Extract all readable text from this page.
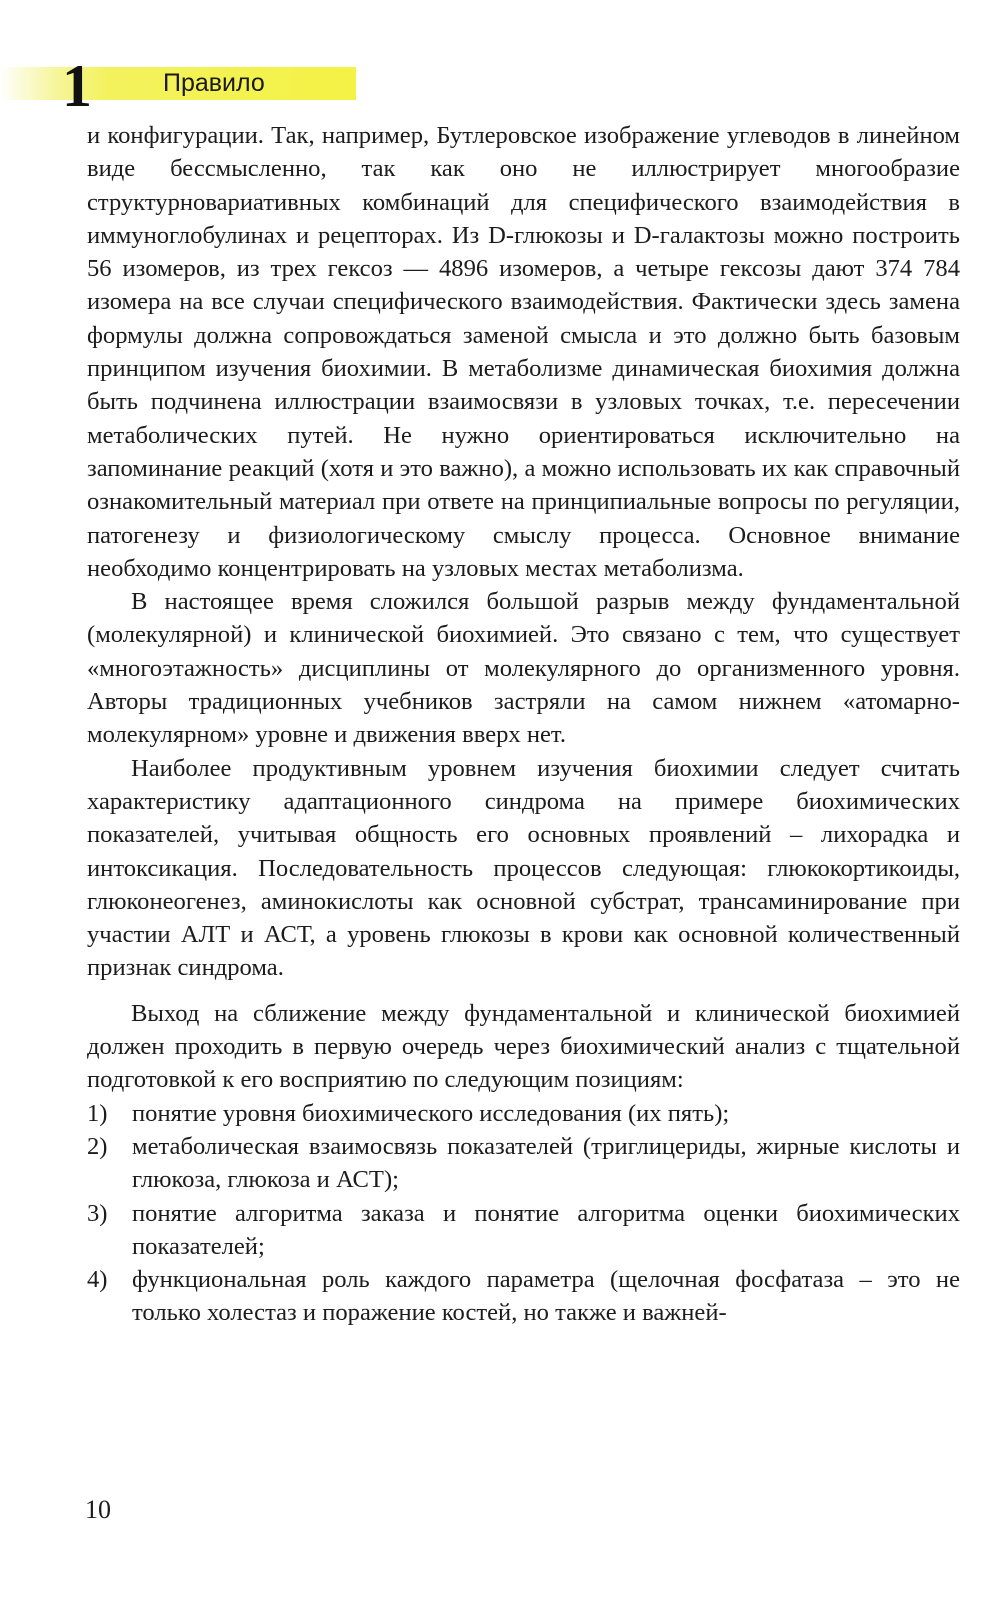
1	Правило

и конфигурации. Так, например, Бутлеровское изображение углеводов в линейном виде бессмысленно, так как оно не иллюстрирует многообразие структурновариативных комбинаций для специфического взаимодействия в иммуноглобулинах и рецепторах. Из D-глюкозы и D-галактозы можно построить 56 изомеров, из трех гексоз — 4896 изомеров, а четыре гексозы дают 374 784 изомера на все случаи специфического взаимодействия. Фактически здесь замена формулы должна сопровождаться заменой смысла и это должно быть базовым принципом изучения биохимии. В метаболизме динамическая биохимия должна быть подчинена иллюстрации взаимосвязи в узловых точках, т.е. пересечении метаболических путей. Не нужно ориентироваться исключительно на запоминание реакций (хотя и это важно), а можно использовать их как справочный ознакомительный материал при ответе на принципиальные вопросы по регуляции, патогенезу и физиологическому смыслу процесса. Основное внимание необходимо концентрировать на узловых местах метаболизма.

В настоящее время сложился большой разрыв между фундаментальной (молекулярной) и клинической биохимией. Это связано с тем, что существует «многоэтажность» дисциплины от молекулярного до организменного уровня. Авторы традиционных учебников застряли на самом нижнем «атомарно-молекулярном» уровне и движения вверх нет.

Наиболее продуктивным уровнем изучения биохимии следует считать характеристику адаптационного синдрома на примере биохимических показателей, учитывая общность его основных проявлений – лихорадка и интоксикация. Последовательность процессов следующая: глюкокортикоиды, глюконеогенез, аминокислоты как основной субстрат, трансаминирование при участии АЛТ и АСТ, а уровень глюкозы в крови как основной количественный признак синдрома.

Выход на сближение между фундаментальной и клинической биохимией должен проходить в первую очередь через биохимический анализ с тщательной подготовкой к его восприятию по следующим позициям:

1) понятие уровня биохимического исследования (их пять);
2) метаболическая взаимосвязь показателей (триглицериды, жирные кислоты и глюкоза, глюкоза и АСТ);
3) понятие алгоритма заказа и понятие алгоритма оценки биохимических показателей;
4) функциональная роль каждого параметра (щелочная фосфатаза – это не только холестаз и поражение костей, но также и важней-
10
